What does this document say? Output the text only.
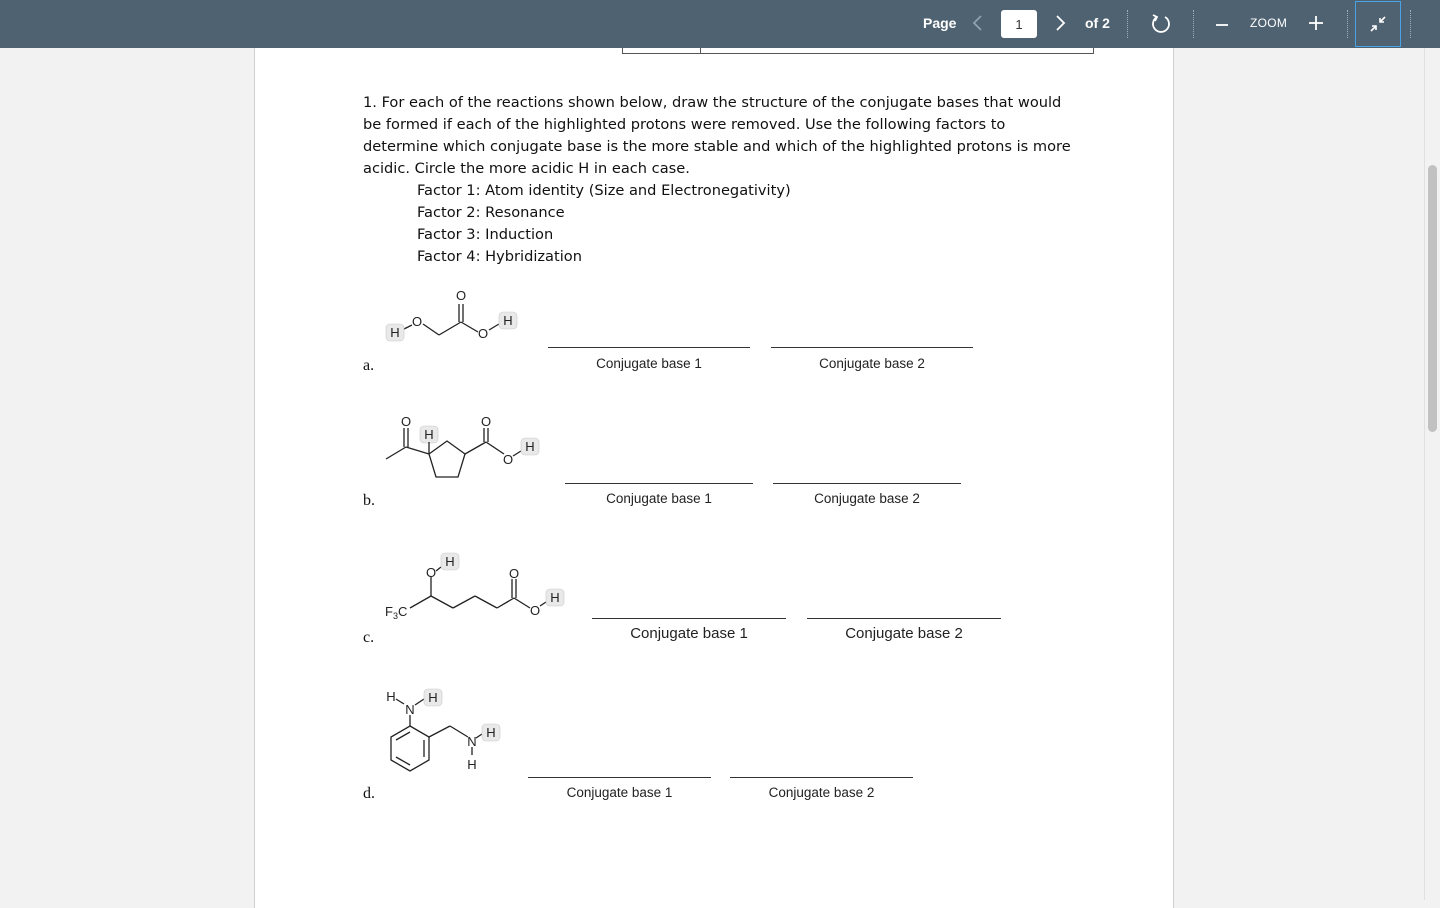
Page
1	of 2	ZOOM

1. For each of the reactions shown below, draw the structure of the conjugate bases that would be formed if each of the highlighted protons were removed. Use the following factors to determine which conjugate base is the more stable and which of the highlighted protons is more acidic. Circle the more acidic H in each case.

Factor 1: Atom identity (Size and Electronegativity)
Factor 2: Resonance
Factor 3: Induction
Factor 4: Hybridization
a.
H
O
O
O
H
Conjugate base 1	Conjugate base 2
b.
O
H
O
O
H
Conjugate base 1	Conjugate base 2
c.
$F_3C$
O
H
O
O
H
Conjugate base 1	Conjugate base 2
d.
H
N
H
N
H
H
Conjugate base 1	Conjugate base 2
